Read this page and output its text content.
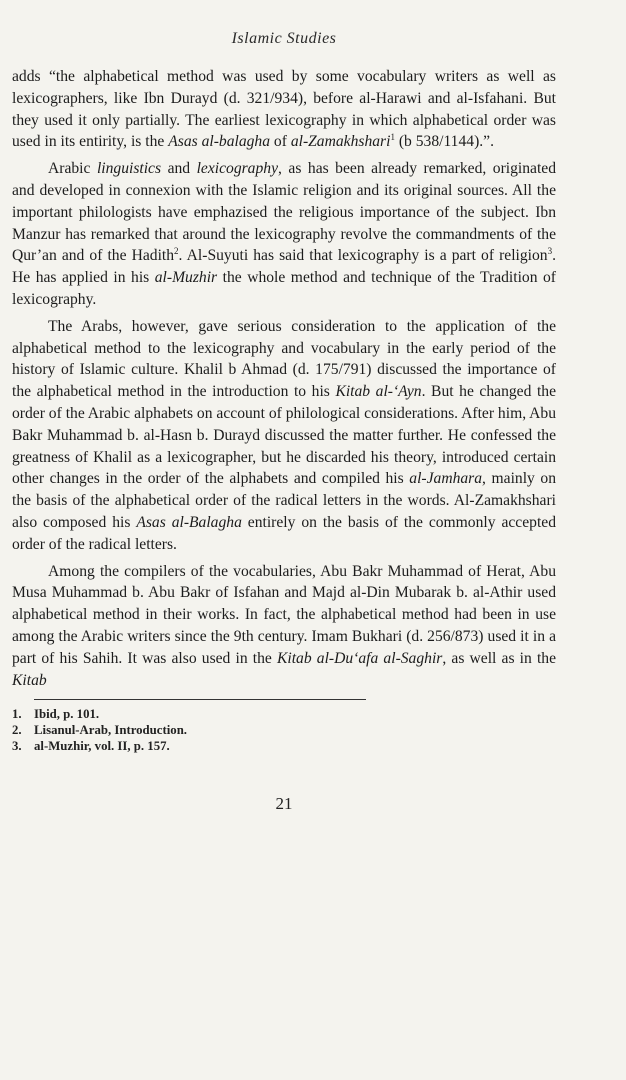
Islamic Studies

adds “the alphabetical method was used by some vocabulary writers as well as lexicographers, like Ibn Durayd (d. 321/934), before al-Harawi and al-Isfahani. But they used it only partially. The earliest lexicography in which alphabetical order was used in its entirity, is the Asas al-balagha of al-Zamakhshari$^1$ (b 538/1144).”.

Arabic linguistics and lexicography, as has been already remarked, originated and developed in connexion with the Islamic religion and its original sources. All the important philologists have emphazised the religious importance of the subject. Ibn Manzur has remarked that around the lexicography revolve the commandments of the Qur’an and of the Hadith$^2$. Al-Suyuti has said that lexicography is a part of religion$^3$. He has applied in his al-Muzhir the whole method and technique of the Tradition of lexicography.

The Arabs, however, gave serious consideration to the application of the alphabetical method to the lexicography and vocabulary in the early period of the history of Islamic culture. Khalil b Ahmad (d. 175/791) discussed the importance of the alphabetical method in the introduction to his Kitab al-‘Ayn. But he changed the order of the Arabic alphabets on account of philological considerations. After him, Abu Bakr Muhammad b. al-Hasn b. Durayd discussed the matter further. He confessed the greatness of Khalil as a lexicographer, but he discarded his theory, introduced certain other changes in the order of the alphabets and compiled his al-Jamhara, mainly on the basis of the alphabetical order of the radical letters in the words. Al-Zamakhshari also composed his Asas al-Balagha entirely on the basis of the commonly accepted order of the radical letters.

Among the compilers of the vocabularies, Abu Bakr Muhammad of Herat, Abu Musa Muhammad b. Abu Bakr of Isfahan and Majd al-Din Mubarak b. al-Athir used alphabetical method in their works. In fact, the alphabetical method had been in use among the Arabic writers since the 9th century. Imam Bukhari (d. 256/873) used it in a part of his Sahih. It was also used in the Kitab al-Du‘afa al-Saghir, as well as in the Kitab

1. Ibid, p. 101.
2. Lisanul-Arab, Introduction.
3. al-Muzhir, vol. II, p. 157.
21
